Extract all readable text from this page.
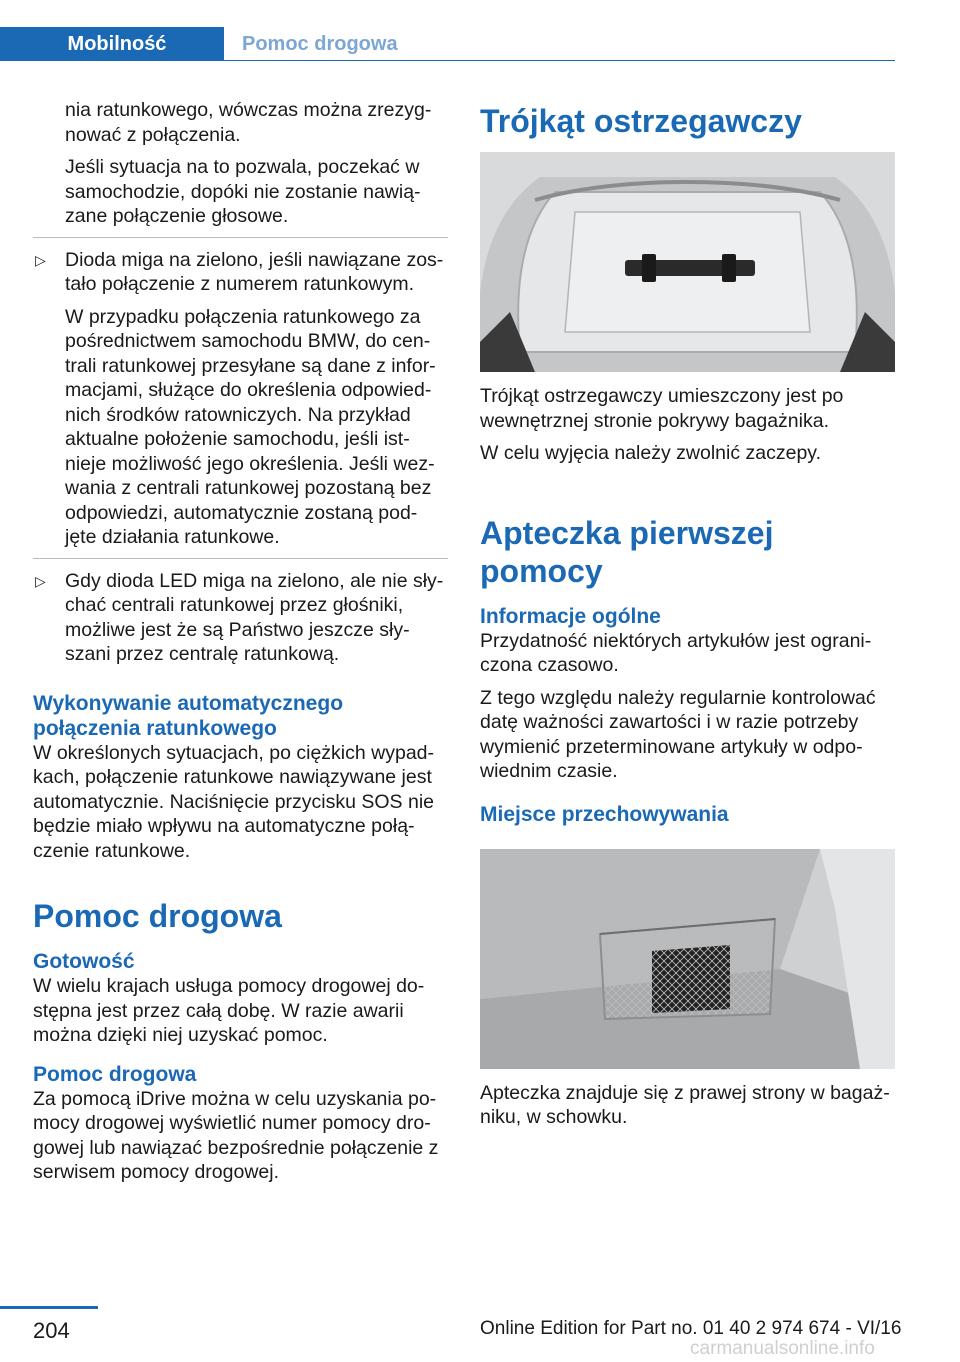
Mobilność	Pomoc drogowa

nia ratunkowego, wówczas można zrezyg‐ nować z połączenia.

Jeśli sytuacja na to pozwala, poczekać w samochodzie, dopóki nie zostanie nawią‐ zane połączenie głosowe.

▷ Dioda miga na zielono, jeśli nawiązane zos‐ tało połączenie z numerem ratunkowym.

W przypadku połączenia ratunkowego za pośrednictwem samochodu BMW, do cen‐ trali ratunkowej przesyłane są dane z infor‐ macjami, służące do określenia odpowied‐ nich środków ratowniczych. Na przykład aktualne położenie samochodu, jeśli ist‐ nieje możliwość jego określenia. Jeśli wez‐ wania z centrali ratunkowej pozostaną bez odpowiedzi, automatycznie zostaną pod‐ jęte działania ratunkowe.

▷ Gdy dioda LED miga na zielono, ale nie sły‐ chać centrali ratunkowej przez głośniki, możliwe jest że są Państwo jeszcze sły‐ szani przez centralę ratunkową.

Wykonywanie automatycznego połączenia ratunkowego

W określonych sytuacjach, po ciężkich wypad‐ kach, połączenie ratunkowe nawiązywane jest automatycznie. Naciśnięcie przycisku SOS nie będzie miało wpływu na automatyczne połą‐ czenie ratunkowe.

Pomoc drogowa
Gotowość

W wielu krajach usługa pomocy drogowej do‐ stępna jest przez całą dobę. W razie awarii można dzięki niej uzyskać pomoc.

Pomoc drogowa

Za pomocą iDrive można w celu uzyskania po‐ mocy drogowej wyświetlić numer pomocy dro‐ gowej lub nawiązać bezpośrednie połączenie z serwisem pomocy drogowej.

Trójkąt ostrzegawczy

Trójkąt ostrzegawczy umieszczony jest po wewnętrznej stronie pokrywy bagażnika.

W celu wyjęcia należy zwolnić zaczepy.

Apteczka pierwszej pomocy
Informacje ogólne

Przydatność niektórych artykułów jest ograni‐ czona czasowo.

Z tego względu należy regularnie kontrolować datę ważności zawartości i w razie potrzeby wymienić przeterminowane artykuły w odpo‐ wiednim czasie.

Miejsce przechowywania

Apteczka znajduje się z prawej strony w bagaż‐ niku, w schowku.

204	Online Edition for Part no. 01 40 2 974 674 - VI/16
carmanualsonline.info
